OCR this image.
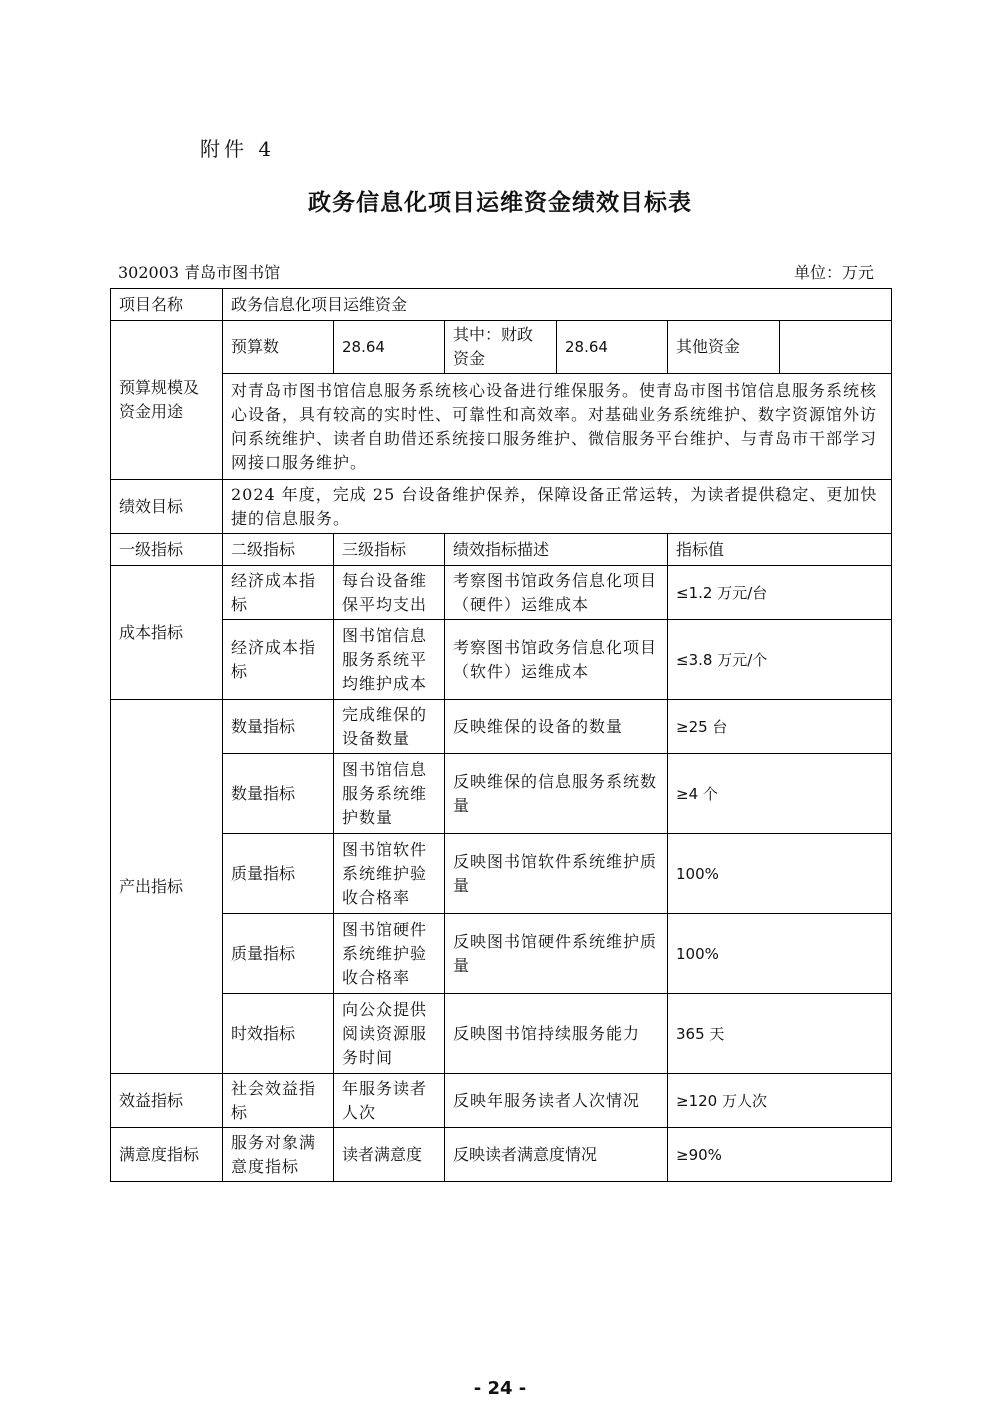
附件 4
政务信息化项目运维资金绩效目标表
302003 青岛市图书馆	单位：万元
项目名称	政务信息化项目运维资金					
预算规模及资金用途	预算数	28.64	其中：财政资金	28.64	其他资金	
	对青岛市图书馆信息服务系统核心设备进行维保服务。使青岛市图书馆信息服务系统核心设备，具有较高的实时性、可靠性和高效率。对基础业务系统维护、数字资源馆外访问系统维护、读者自助借还系统接口服务维护、微信服务平台维护、与青岛市干部学习网接口服务维护。					
绩效目标	2024 年度，完成 25 台设备维护保养，保障设备正常运转，为读者提供稳定、更加快捷的信息服务。					
一级指标	二级指标	三级指标	绩效指标描述		指标值	
成本指标	经济成本指标	每台设备维保平均支出	考察图书馆政务信息化项目（硬件）运维成本		≤1.2 万元/台	
	经济成本指标	图书馆信息服务系统平均维护成本	考察图书馆政务信息化项目（软件）运维成本		≤3.8 万元/个	
产出指标	数量指标	完成维保的设备数量	反映维保的设备的数量		≥25 台	
	数量指标	图书馆信息服务系统维护数量	反映维保的信息服务系统数量		≥4 个	
	质量指标	图书馆软件系统维护验收合格率	反映图书馆软件系统维护质量		100%	
	质量指标	图书馆硬件系统维护验收合格率	反映图书馆硬件系统维护质量		100%	
	时效指标	向公众提供阅读资源服务时间	反映图书馆持续服务能力		365 天	
效益指标	社会效益指标	年服务读者人次	反映年服务读者人次情况		≥120 万人次	
满意度指标	服务对象满意度指标	读者满意度	反映读者满意度情况		≥90%	
- 24 -
